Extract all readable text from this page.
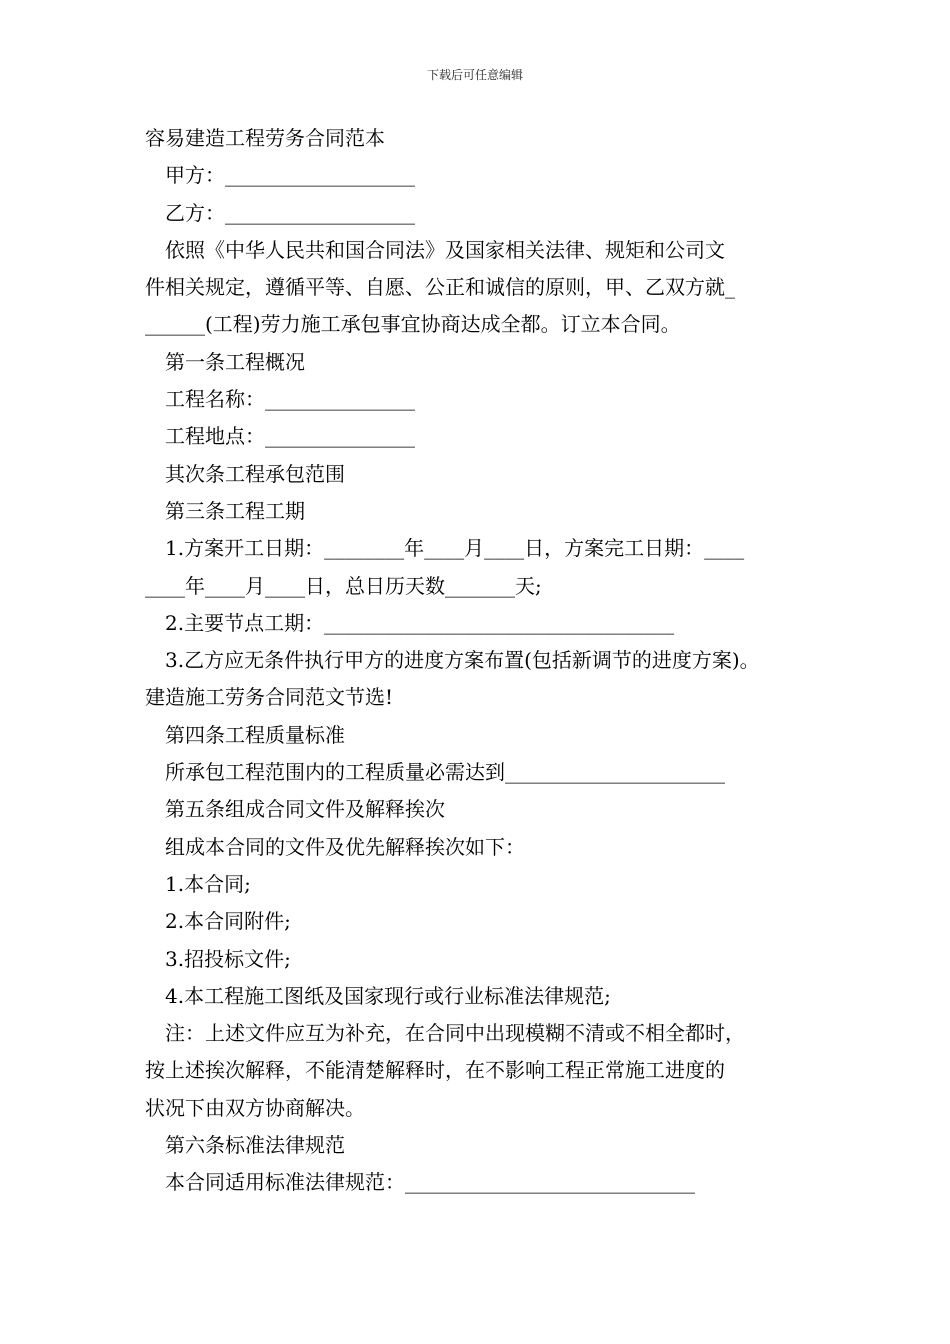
下载后可任意编辑
容易建造工程劳务合同范本
甲方：___________________
乙方：___________________
依照《中华人民共和国合同法》及国家相关法律、规矩和公司文
件相关规定，遵循平等、自愿、公正和诚信的原则，甲、乙双方就_
______(工程)劳力施工承包事宜协商达成全都。订立本合同。
第一条工程概况
工程名称：_______________
工程地点：_______________
其次条工程承包范围
第三条工程工期
1.方案开工日期：________年____月____日，方案完工日期：____
____年____月____日，总日历天数_______天;
2.主要节点工期：___________________________________
3.乙方应无条件执行甲方的进度方案布置(包括新调节的进度方案)。
建造施工劳务合同范文节选!
第四条工程质量标准
所承包工程范围内的工程质量必需达到______________________
第五条组成合同文件及解释挨次
组成本合同的文件及优先解释挨次如下：
1.本合同;
2.本合同附件;
3.招投标文件;
4.本工程施工图纸及国家现行或行业标准法律规范;
注：上述文件应互为补充，在合同中出现模糊不清或不相全都时，
按上述挨次解释，不能清楚解释时，在不影响工程正常施工进度的
状况下由双方协商解决。
第六条标准法律规范
本合同适用标准法律规范：_____________________________
